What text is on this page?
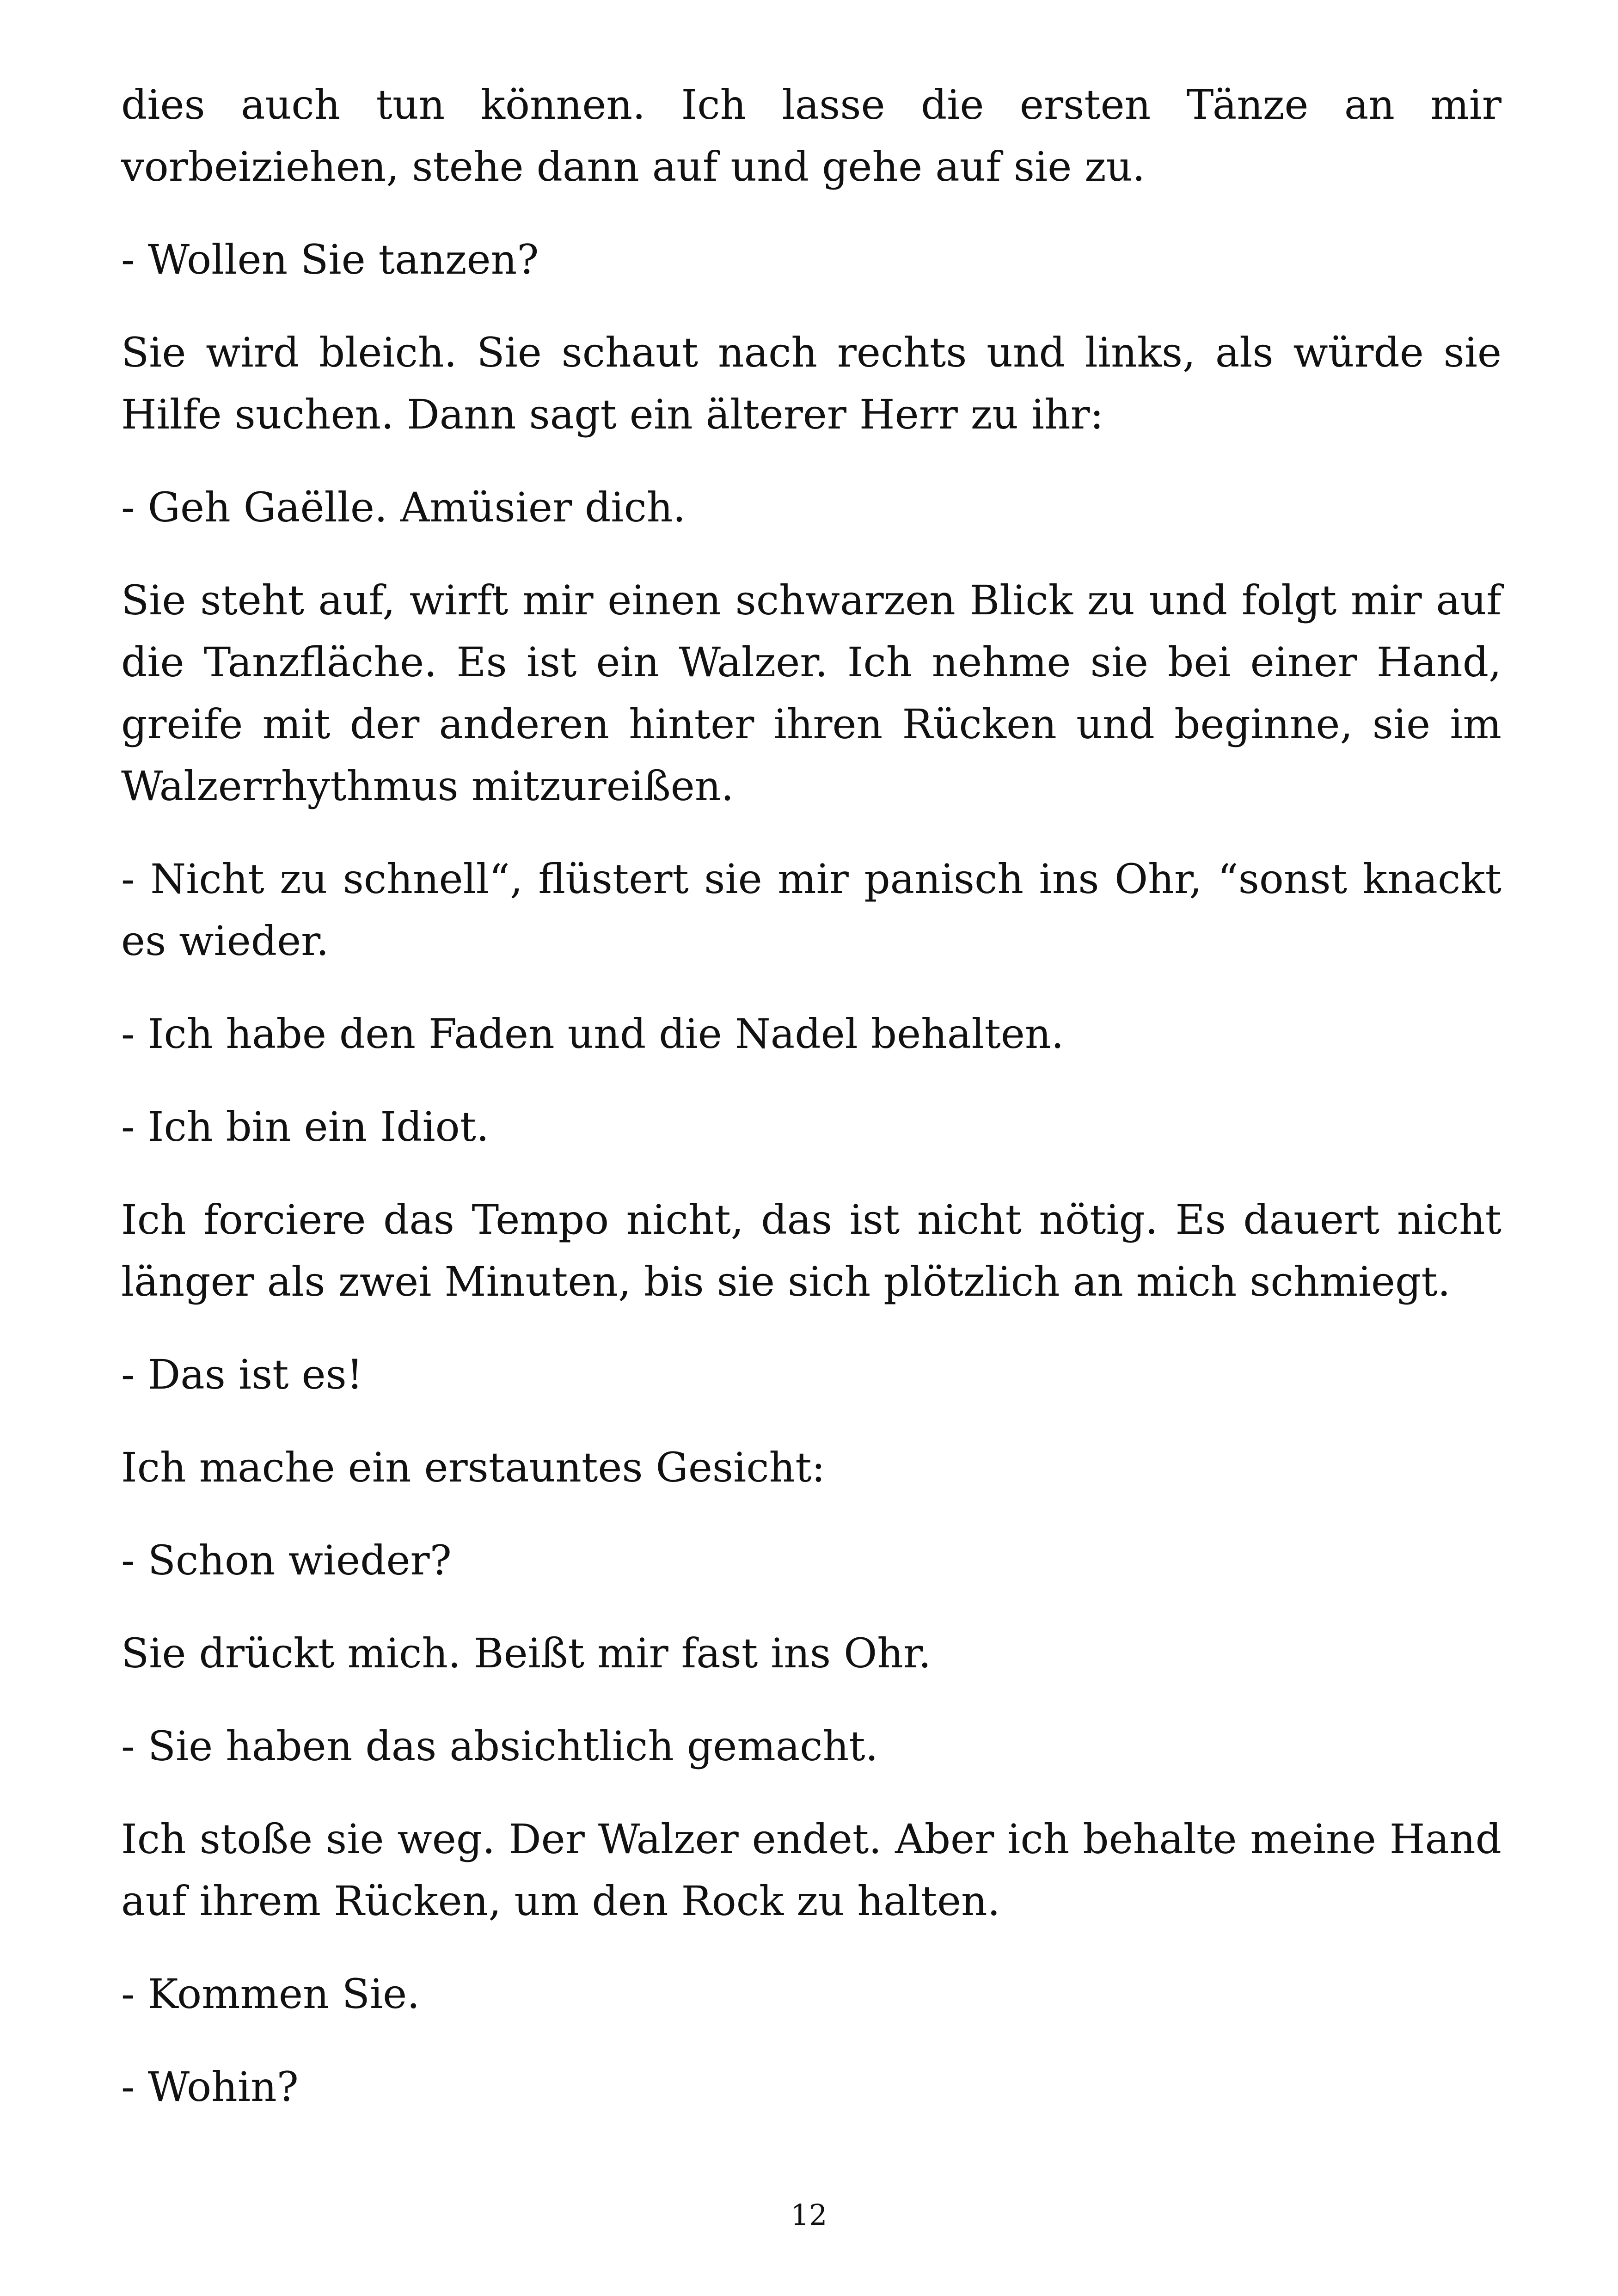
dies auch tun können. Ich lasse die ersten Tänze an mir vorbeiziehen, stehe dann auf und gehe auf sie zu.

- Wollen Sie tanzen?

Sie wird bleich. Sie schaut nach rechts und links, als würde sie Hilfe suchen. Dann sagt ein älterer Herr zu ihr:

- Geh Gaëlle. Amüsier dich.

Sie steht auf, wirft mir einen schwarzen Blick zu und folgt mir auf die Tanzfläche. Es ist ein Walzer. Ich nehme sie bei einer Hand, greife mit der anderen hinter ihren Rücken und beginne, sie im Walzerrhythmus mitzureißen.

- Nicht zu schnell“, flüstert sie mir panisch ins Ohr, “sonst knackt es wieder.

- Ich habe den Faden und die Nadel behalten.

- Ich bin ein Idiot.

Ich forciere das Tempo nicht, das ist nicht nötig. Es dauert nicht länger als zwei Minuten, bis sie sich plötzlich an mich schmiegt.

- Das ist es!

Ich mache ein erstauntes Gesicht:

- Schon wieder?

Sie drückt mich. Beißt mir fast ins Ohr.

- Sie haben das absichtlich gemacht.

Ich stoße sie weg. Der Walzer endet. Aber ich behalte meine Hand auf ihrem Rücken, um den Rock zu halten.

- Kommen Sie.

- Wohin?

12
